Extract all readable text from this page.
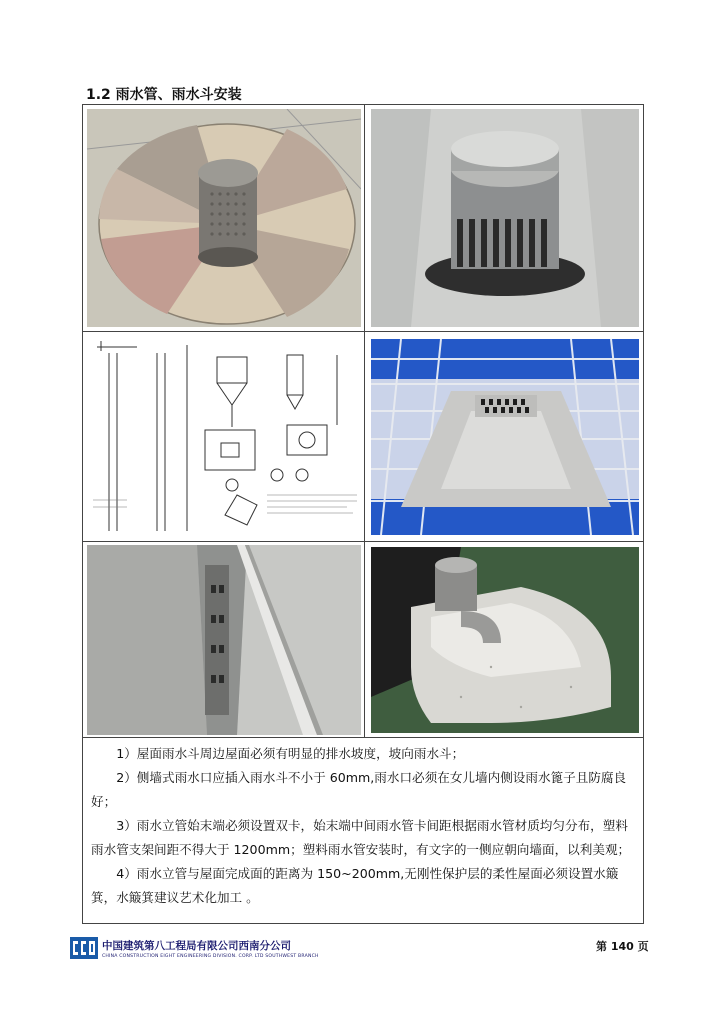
1.2 雨水管、雨水斗安装

1）屋面雨水斗周边屋面必须有明显的排水坡度，坡向雨水斗；

2）侧墙式雨水口应插入雨水斗不小于 60mm,雨水口必须在女儿墙内侧设雨水篦子且防腐良好；

3）雨水立管始末端必须设置双卡，始末端中间雨水管卡间距根据雨水管材质均匀分布，塑料雨水管支架间距不得大于 1200mm；塑料雨水管安装时，有文字的一侧应朝向墙面，以利美观；

4）雨水立管与屋面完成面的距离为 150~200mm,无刚性保护层的柔性屋面必须设置水簸箕，水簸箕建议艺术化加工 。

中国建筑第八工程局有限公司西南分公司
CHINA CONSTRUCTION EIGHT ENGINEERING DIVISION. CORP. LTD SOUTHWEST BRANCH
第 140 页
